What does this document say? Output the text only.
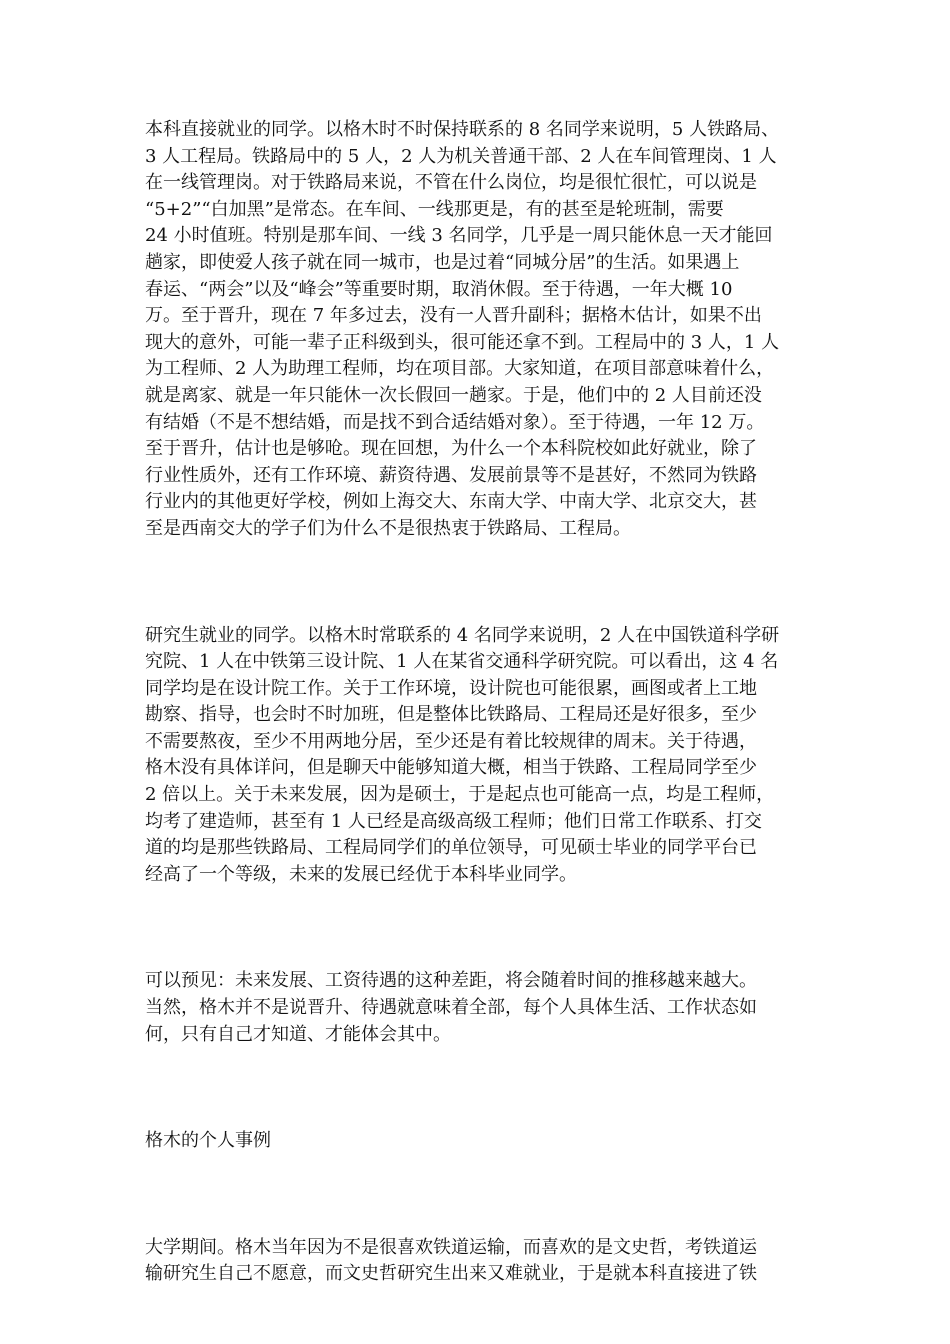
本科直接就业的同学。以格木时不时保持联系的 8 名同学来说明，5 人铁路局、
3 人工程局。铁路局中的 5 人，2 人为机关普通干部、2 人在车间管理岗、1 人
在一线管理岗。对于铁路局来说，不管在什么岗位，均是很忙很忙，可以说是
“5+2”“白加黑”是常态。在车间、一线那更是，有的甚至是轮班制，需要
24 小时值班。特别是那车间、一线 3 名同学，几乎是一周只能休息一天才能回
趟家，即使爱人孩子就在同一城市，也是过着“同城分居”的生活。如果遇上
春运、“两会”以及“峰会”等重要时期，取消休假。至于待遇，一年大概 10
万。至于晋升，现在 7 年多过去，没有一人晋升副科；据格木估计，如果不出
现大的意外，可能一辈子正科级到头，很可能还拿不到。工程局中的 3 人，1 人
为工程师、2 人为助理工程师，均在项目部。大家知道，在项目部意味着什么，
就是离家、就是一年只能休一次长假回一趟家。于是，他们中的 2 人目前还没
有结婚（不是不想结婚，而是找不到合适结婚对象）。至于待遇，一年 12 万。
至于晋升，估计也是够呛。现在回想，为什么一个本科院校如此好就业，除了
行业性质外，还有工作环境、薪资待遇、发展前景等不是甚好，不然同为铁路
行业内的其他更好学校，例如上海交大、东南大学、中南大学、北京交大，甚
至是西南交大的学子们为什么不是很热衷于铁路局、工程局。

研究生就业的同学。以格木时常联系的 4 名同学来说明，2 人在中国铁道科学研
究院、1 人在中铁第三设计院、1 人在某省交通科学研究院。可以看出，这 4 名
同学均是在设计院工作。关于工作环境，设计院也可能很累，画图或者上工地
勘察、指导，也会时不时加班，但是整体比铁路局、工程局还是好很多，至少
不需要熬夜，至少不用两地分居，至少还是有着比较规律的周末。关于待遇，
格木没有具体详问，但是聊天中能够知道大概，相当于铁路、工程局同学至少
2 倍以上。关于未来发展，因为是硕士，于是起点也可能高一点，均是工程师，
均考了建造师，甚至有 1 人已经是高级高级工程师；他们日常工作联系、打交
道的均是那些铁路局、工程局同学们的单位领导，可见硕士毕业的同学平台已
经高了一个等级，未来的发展已经优于本科毕业同学。

可以预见：未来发展、工资待遇的这种差距，将会随着时间的推移越来越大。
当然，格木并不是说晋升、待遇就意味着全部，每个人具体生活、工作状态如
何，只有自己才知道、才能体会其中。

格木的个人事例

大学期间。格木当年因为不是很喜欢铁道运输，而喜欢的是文史哲，考铁道运
输研究生自己不愿意，而文史哲研究生出来又难就业，于是就本科直接进了铁
